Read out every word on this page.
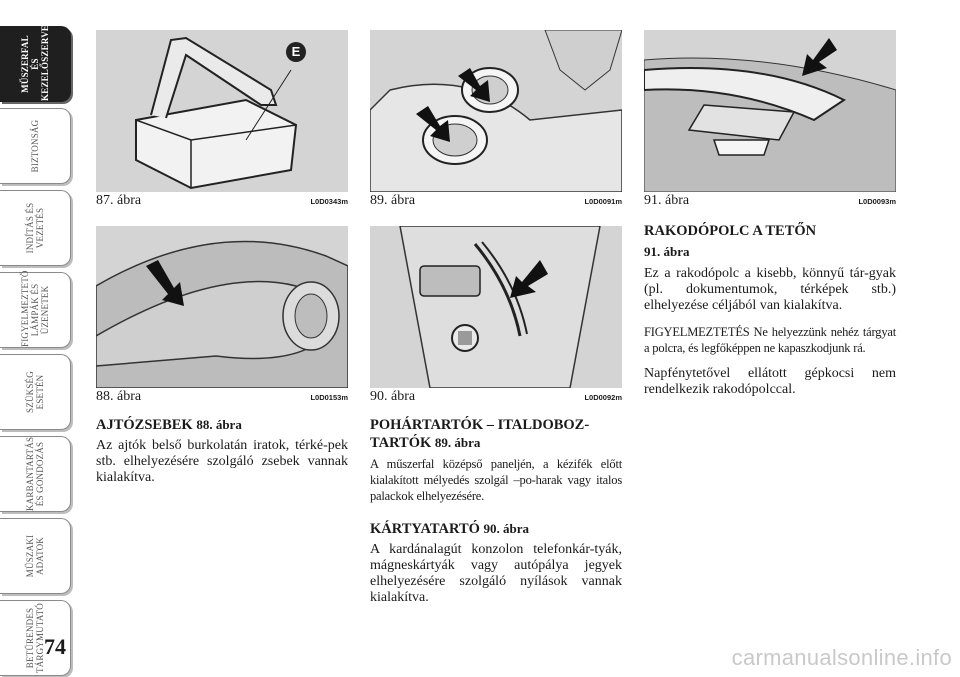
MŰSZERFAL
ÉS
KEZELŐSZERVEK
BIZTONSÁG
INDÍTÁS ÉS
VEZETÉS
FIGYELMEZTETŐ
LÁMPÁK ÉS
ÜZENETEK
SZÜKSÉG
ESETÉN
KARBANTARTÁS
ÉS GONDOZÁS
MŰSZAKI
ADATOK
BETŰRENDES
TÁRGYMUTATÓ
E
87. ábra	L0D0343m
88. ábra	L0D0153m
89. ábra	L0D0091m
90. ábra	L0D0092m
91. ábra	L0D0093m
AJTÓZSEBEK 88. ábra

Az ajtók belső burkolatán iratok, térké-pek stb. elhelyezésére szolgáló zsebek vannak kialakítva.

POHÁRTARTÓK – ITALDOBOZ-TARTÓK 89. ábra

A műszerfal középső paneljén, a kézifék előtt kialakított mélyedés szolgál –po-harak vagy italos palackok elhelyezésére.

KÁRTYATARTÓ 90. ábra

A kardánalagút konzolon telefonkár-tyák, mágneskártyák vagy autópálya jegyek elhelyezésére szolgáló nyílások vannak kialakítva.

RAKODÓPOLC A TETŐN
91. ábra

Ez a rakodópolc a kisebb, könnyű tár-gyak (pl. dokumentumok, térképek stb.) elhelyezése céljából van kialakítva.

FIGYELMEZTETÉS Ne helyezzünk nehéz tárgyat a polcra, és legfőképpen ne kapaszkodjunk rá.

Napfénytetővel ellátott gépkocsi nem rendelkezik rakodópolccal.

74	carmanualsonline.info
